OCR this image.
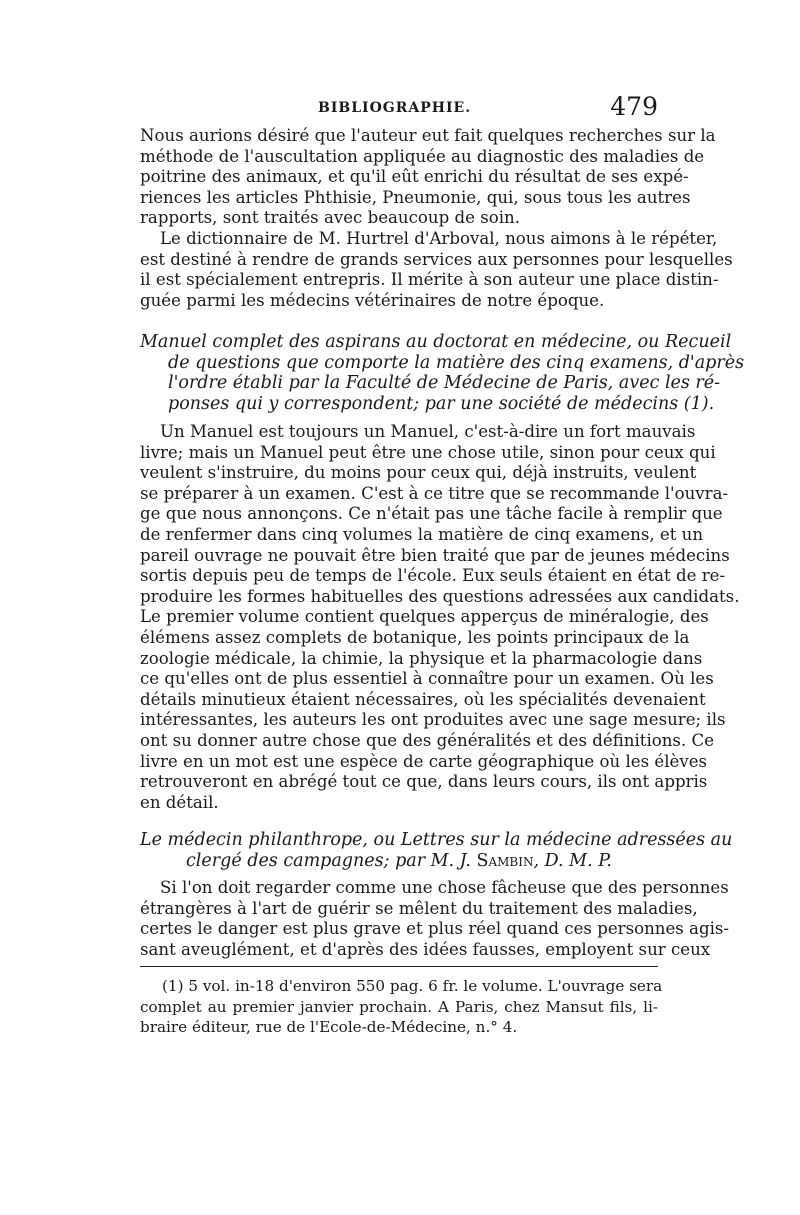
BIBLIOGRAPHIE.	479
Nous aurions désiré que l'auteur eut fait quelques recherches sur la
méthode de l'auscultation appliquée au diagnostic des maladies de
poitrine des animaux, et qu'il eût enrichi du résultat de ses expé-
riences les articles Phthisie, Pneumonie, qui, sous tous les autres
rapports, sont traités avec beaucoup de soin.
Le dictionnaire de M. Hurtrel d'Arboval, nous aimons à le répéter,
est destiné à rendre de grands services aux personnes pour lesquelles
il est spécialement entrepris. Il mérite à son auteur une place distin-
guée parmi les médecins vétérinaires de notre époque.
Manuel complet des aspirans au doctorat en médecine, ou Recueil
de questions que comporte la matière des cinq examens, d'après
l'ordre établi par la Faculté de Médecine de Paris, avec les ré-
ponses qui y correspondent; par une société de médecins (1).
Un Manuel est toujours un Manuel, c'est-à-dire un fort mauvais
livre; mais un Manuel peut être une chose utile, sinon pour ceux qui
veulent s'instruire, du moins pour ceux qui, déjà instruits, veulent
se préparer à un examen. C'est à ce titre que se recommande l'ouvra-
ge que nous annonçons. Ce n'était pas une tâche facile à remplir que
de renfermer dans cinq volumes la matière de cinq examens, et un
pareil ouvrage ne pouvait être bien traité que par de jeunes médecins
sortis depuis peu de temps de l'école. Eux seuls étaient en état de re-
produire les formes habituelles des questions adressées aux candidats.
Le premier volume contient quelques apperçus de minéralogie, des
élémens assez complets de botanique, les points principaux de la
zoologie médicale, la chimie, la physique et la pharmacologie dans
ce qu'elles ont de plus essentiel à connaître pour un examen. Où les
détails minutieux étaient nécessaires, où les spécialités devenaient
intéressantes, les auteurs les ont produites avec une sage mesure; ils
ont su donner autre chose que des généralités et des définitions. Ce
livre en un mot est une espèce de carte géographique où les élèves
retrouveront en abrégé tout ce que, dans leurs cours, ils ont appris
en détail.
Le médecin philanthrope, ou Lettres sur la médecine adressées au
clergé des campagnes; par M. J. Sambin, D. M. P.
Si l'on doit regarder comme une chose fâcheuse que des personnes
étrangères à l'art de guérir se mêlent du traitement des maladies,
certes le danger est plus grave et plus réel quand ces personnes agis-
sant aveuglément, et d'après des idées fausses, employent sur ceux
(1) 5 vol. in-18 d'environ 550 pag. 6 fr. le volume. L'ouvrage sera
complet au premier janvier prochain. A Paris, chez Mansut fils, li-
braire éditeur, rue de l'Ecole-de-Médecine, n.° 4.
